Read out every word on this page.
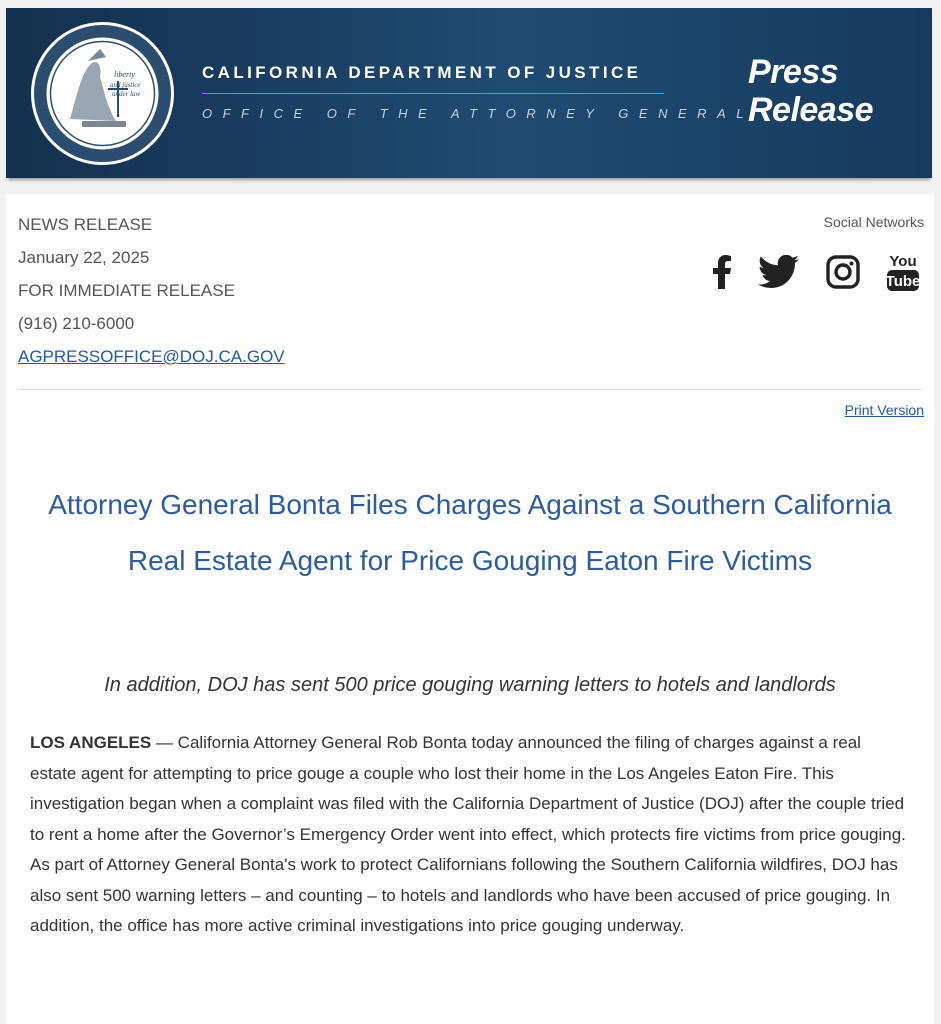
liberty
and justice
under law
CALIFORNIA DEPARTMENT OF JUSTICE
OFFICE OF THE ATTORNEY GENERAL
Press
Release
NEWS RELEASE
January 22, 2025
FOR IMMEDIATE RELEASE
(916) 210-6000
AGPRESSOFFICE@DOJ.CA.GOV
Social Networks
You
Tube
Print Version
Attorney General Bonta Files Charges Against a Southern California Real Estate Agent for Price Gouging Eaton Fire Victims
In addition, DOJ has sent 500 price gouging warning letters to hotels and landlords

LOS ANGELES — California Attorney General Rob Bonta today announced the filing of charges against a real estate agent for attempting to price gouge a couple who lost their home in the Los Angeles Eaton Fire. This investigation began when a complaint was filed with the California Department of Justice (DOJ) after the couple tried to rent a home after the Governor’s Emergency Order went into effect, which protects fire victims from price gouging. As part of Attorney General Bonta's work to protect Californians following the Southern California wildfires, DOJ has also sent 500 warning letters – and counting – to hotels and landlords who have been accused of price gouging. In addition, the office has more active criminal investigations into price gouging underway.
